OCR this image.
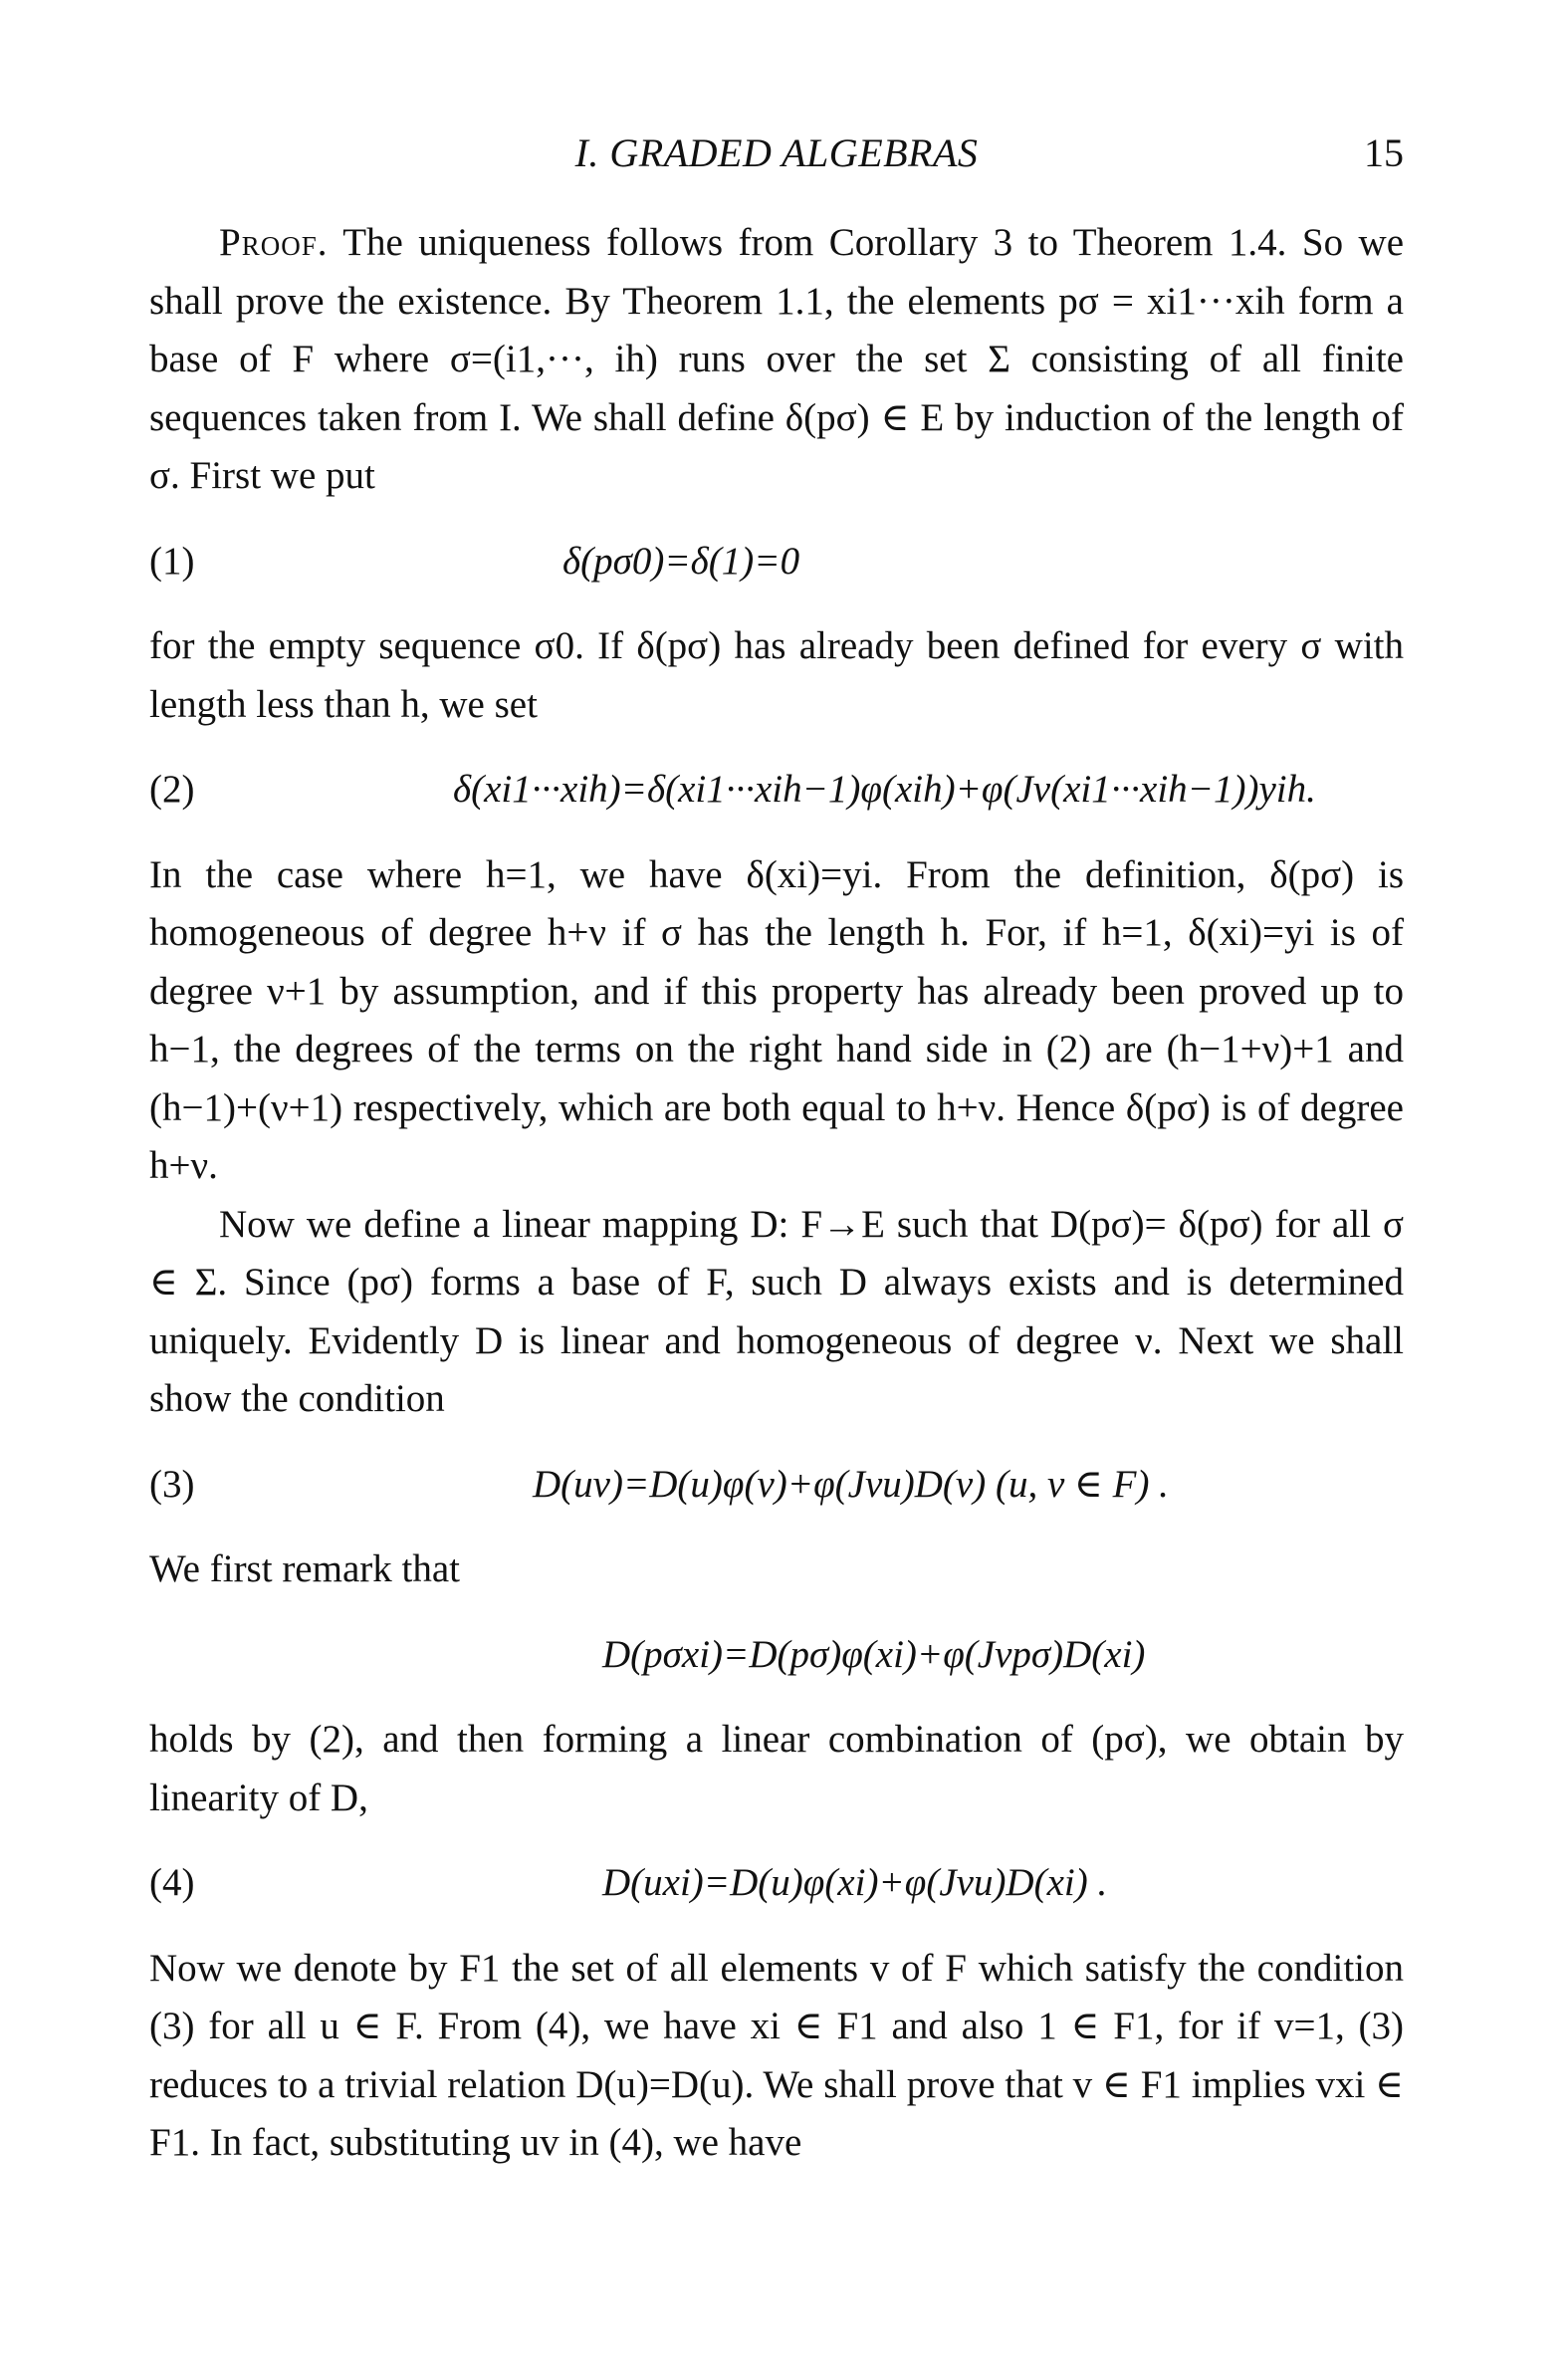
I. GRADED ALGEBRAS	15

Proof. The uniqueness follows from Corollary 3 to Theorem 1.4. So we shall prove the existence. By Theorem 1.1, the elements pσ = xi1···xih form a base of F where σ=(i1,···, ih) runs over the set Σ consisting of all finite sequences taken from I. We shall define δ(pσ) ∈ E by induction of the length of σ. First we put

(1)	δ(pσ0)=δ(1)=0

for the empty sequence σ0. If δ(pσ) has already been defined for every σ with length less than h, we set

(2)	δ(xi1···xih)=δ(xi1···xih−1)φ(xih)+φ(Jν(xi1···xih−1))yih.

In the case where h=1, we have δ(xi)=yi. From the definition, δ(pσ) is homogeneous of degree h+ν if σ has the length h. For, if h=1, δ(xi)=yi is of degree ν+1 by assumption, and if this property has already been proved up to h−1, the degrees of the terms on the right hand side in (2) are (h−1+ν)+1 and (h−1)+(ν+1) respectively, which are both equal to h+ν. Hence δ(pσ) is of degree h+ν.

Now we define a linear mapping D: F→E such that D(pσ)= δ(pσ) for all σ ∈ Σ. Since (pσ) forms a base of F, such D always exists and is determined uniquely. Evidently D is linear and homogeneous of degree ν. Next we shall show the condition

(3)	D(uv)=D(u)φ(v)+φ(Jνu)D(v) (u, v ∈ F) .

We first remark that

D(pσxi)=D(pσ)φ(xi)+φ(Jνpσ)D(xi)

holds by (2), and then forming a linear combination of (pσ), we obtain by linearity of D,

(4)	D(uxi)=D(u)φ(xi)+φ(Jνu)D(xi) .

Now we denote by F1 the set of all elements v of F which satisfy the condition (3) for all u ∈ F. From (4), we have xi ∈ F1 and also 1 ∈ F1, for if v=1, (3) reduces to a trivial relation D(u)=D(u). We shall prove that v ∈ F1 implies vxi ∈ F1. In fact, substituting uv in (4), we have
